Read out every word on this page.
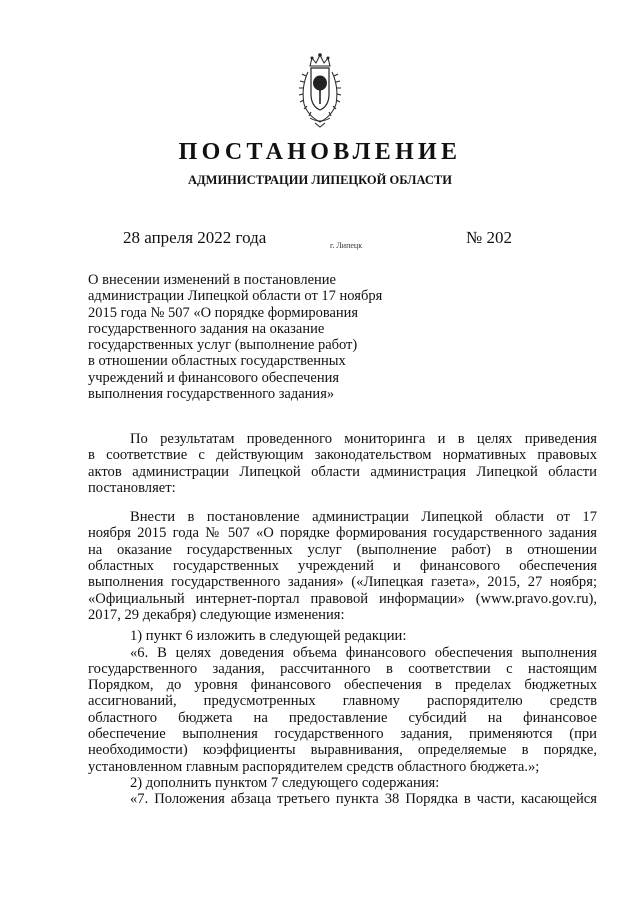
ПОСТАНОВЛЕНИЕ
АДМИНИСТРАЦИИ ЛИПЕЦКОЙ ОБЛАСТИ
28 апреля 2022 года	г. Липецк	№ 202
О внесении изменений в постановление
администрации Липецкой области от 17 ноября
2015 года № 507 «О порядке формирования
государственного задания на оказание
государственных услуг (выполнение работ)
в отношении областных государственных
учреждений и финансового обеспечения
выполнения государственного задания»

По результатам проведенного мониторинга и в целях приведения
в соответствие с действующим законодательством нормативных правовых
актов администрации Липецкой области администрация Липецкой области
постановляет:

Внести в постановление администрации Липецкой области от 17
ноября 2015 года № 507 «О порядке формирования государственного задания
на оказание государственных услуг (выполнение работ) в отношении
областных государственных учреждений и финансового обеспечения
выполнения государственного задания» («Липецкая газета», 2015, 27 ноября;
«Официальный интернет-портал правовой информации» (www.pravo.gov.ru),
2017, 29 декабря) следующие изменения:

1) пункт 6 изложить в следующей редакции:

«6. В целях доведения объема финансового обеспечения выполнения
государственного задания, рассчитанного в соответствии с настоящим
Порядком, до уровня финансового обеспечения в пределах бюджетных
ассигнований, предусмотренных главному распорядителю средств
областного бюджета на предоставление субсидий на финансовое
обеспечение выполнения государственного задания, применяются (при
необходимости) коэффициенты выравнивания, определяемые в порядке,
установленном главным распорядителем средств областного бюджета.»;

2) дополнить пунктом 7 следующего содержания:

«7. Положения абзаца третьего пункта 38 Порядка в части, касающейся
